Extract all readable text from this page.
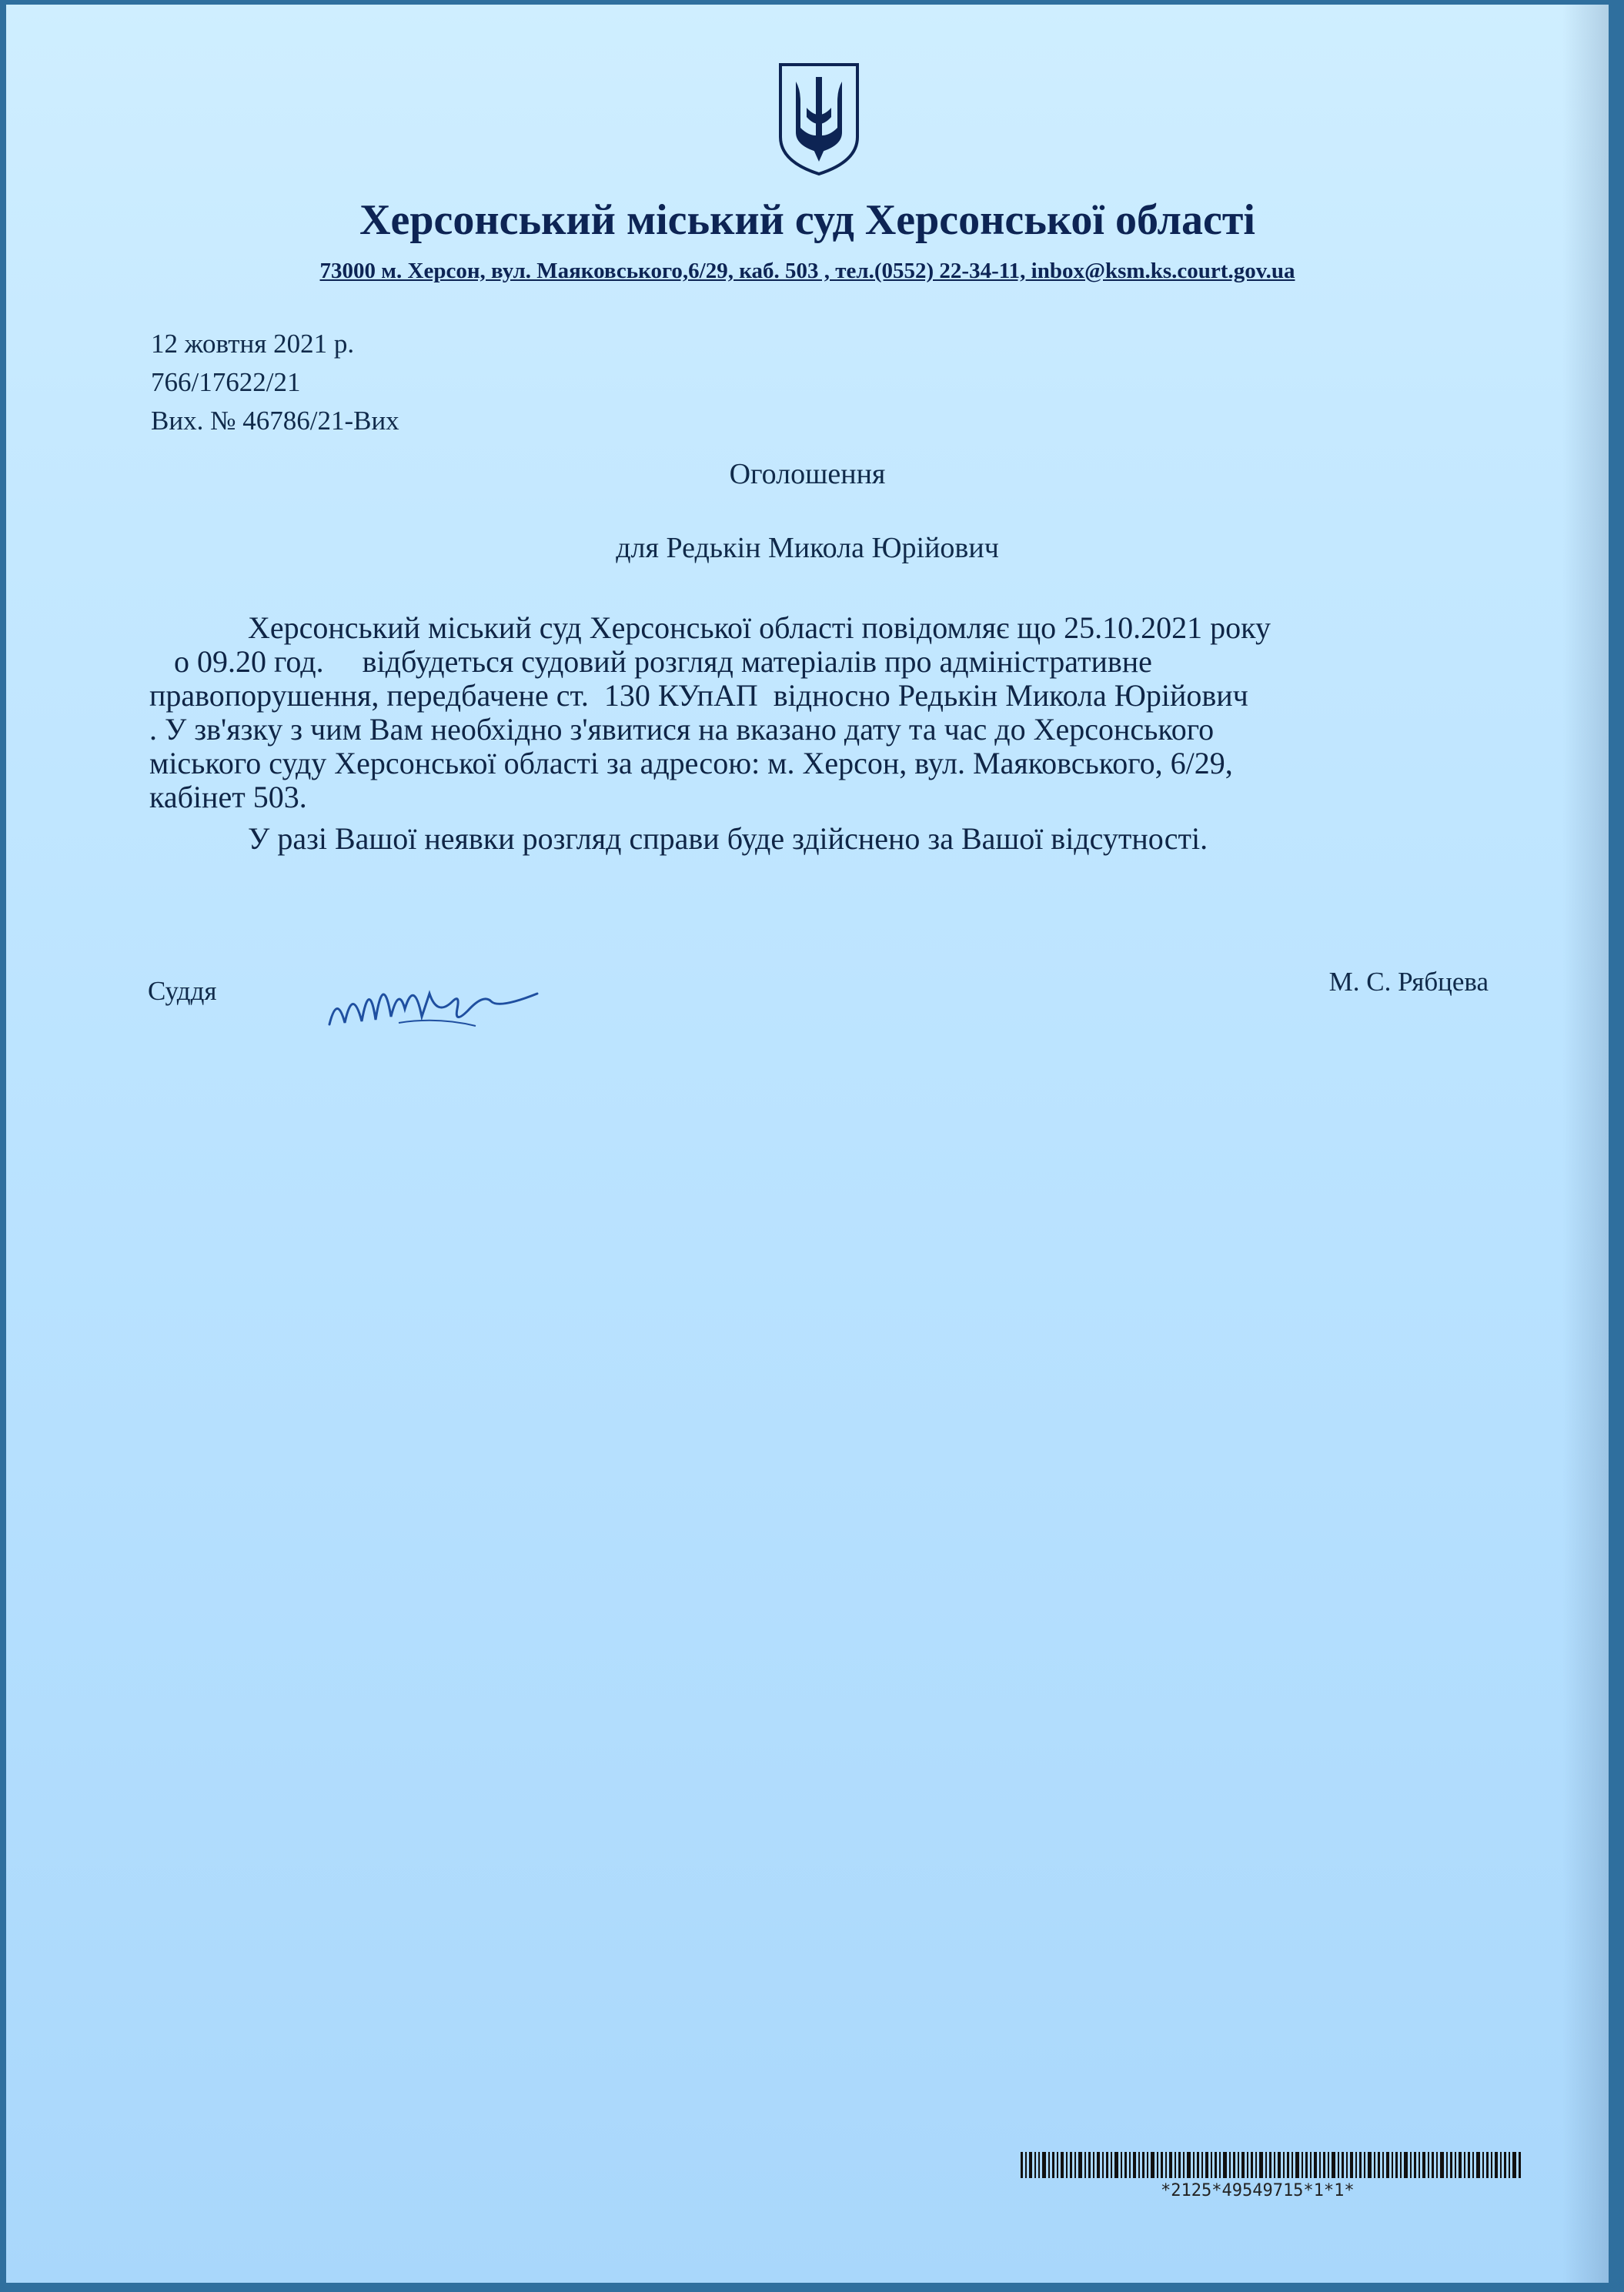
Херсонський міський суд Херсонської області
73000 м. Херсон, вул. Маяковського,6/29, каб. 503 , тел.(0552) 22-34-11, inbox@ksm.ks.court.gov.ua
12 жовтня 2021 р.
766/17622/21
Вих. № 46786/21-Вих
Оголошення
для Редькін Микола Юрійович

Херсонський міський суд Херсонської області повідомляє що 25.10.2021 року

о 09.20 год.     відбудеться судовий розгляд матеріалів про адміністративне

правопорушення, передбачене ст.  130 КУпАП  відносно Редькін Микола Юрійович

. У зв'язку з чим Вам необхідно з'явитися на вказано дату та час до Херсонського

міського суду Херсонської області за адресою: м. Херсон, вул. Маяковського, 6/29,

кабінет 503.

У разі Вашої неявки розгляд справи буде здійснено за Вашої відсутності.

Суддя	М. С. Рябцева
*2125*49549715*1*1*
